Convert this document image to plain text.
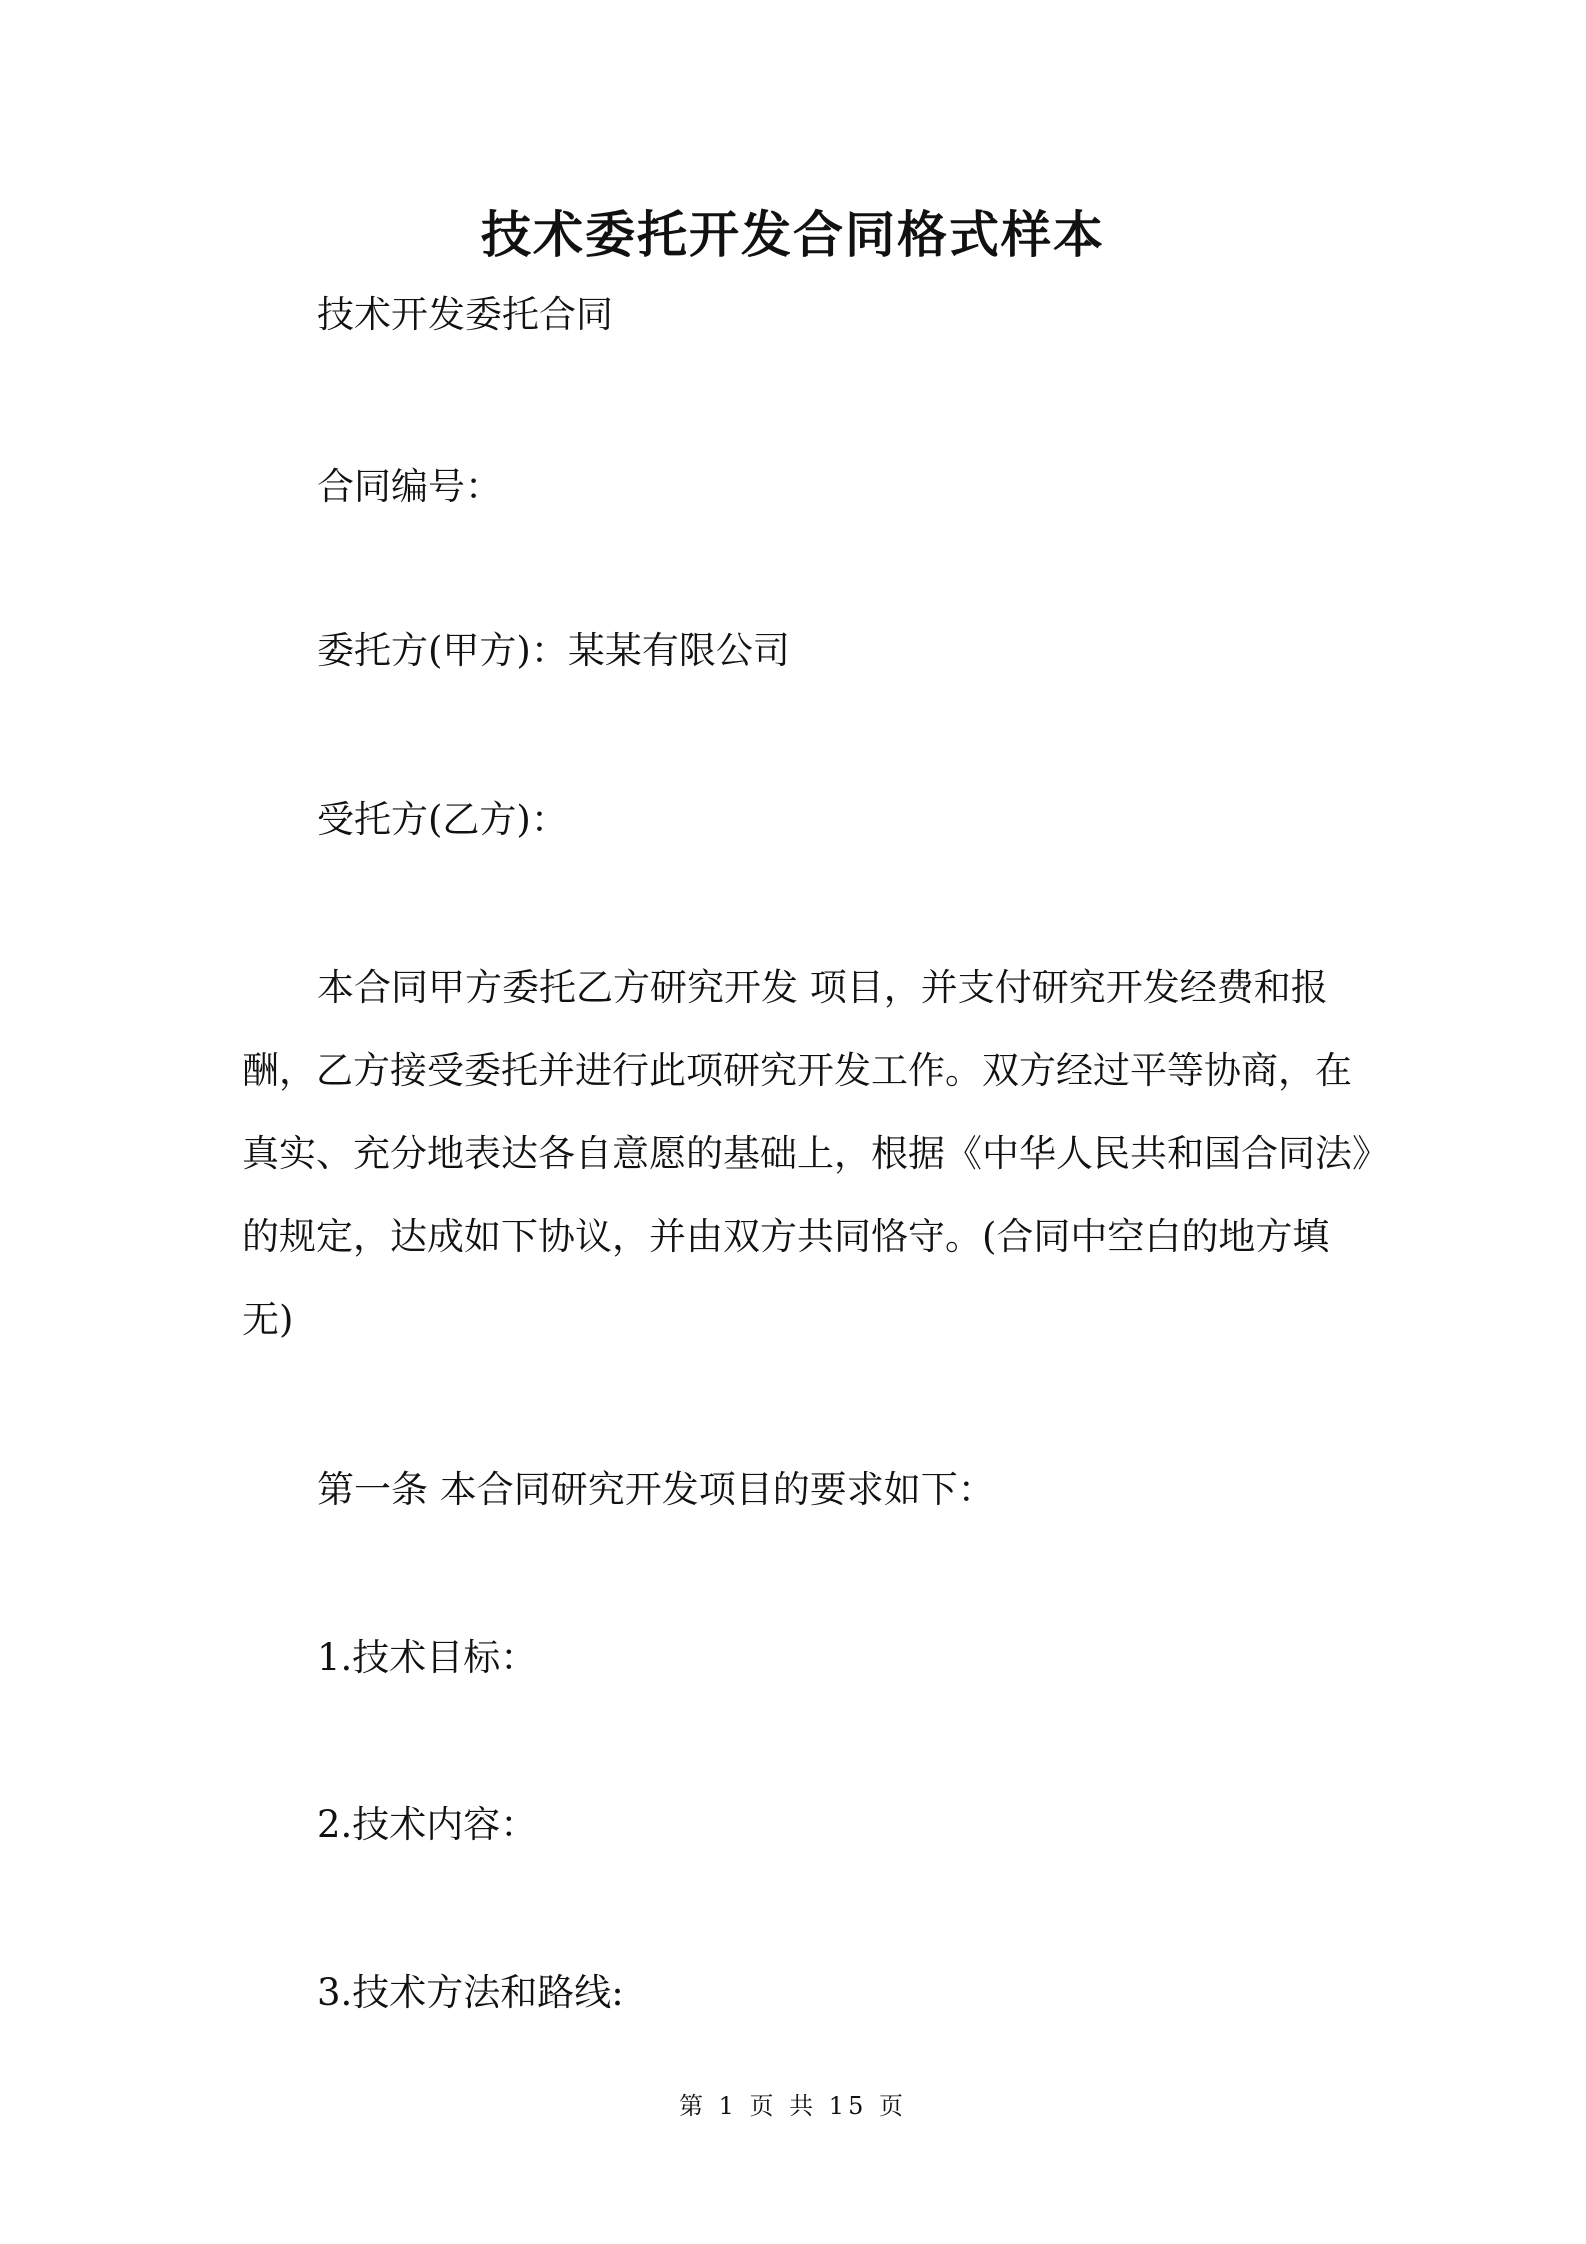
技术委托开发合同格式样本
技术开发委托合同
合同编号：
委托方(甲方)：某某有限公司
受托方(乙方)：
本合同甲方委托乙方研究开发 项目，并支付研究开发经费和报
酬，乙方接受委托并进行此项研究开发工作。双方经过平等协商，在
真实、充分地表达各自意愿的基础上，根据《中华人民共和国合同法》
的规定，达成如下协议，并由双方共同恪守。(合同中空白的地方填
无)
第一条 本合同研究开发项目的要求如下：
1.技术目标：
2.技术内容：
3.技术方法和路线:
第 1 页 共 15 页
